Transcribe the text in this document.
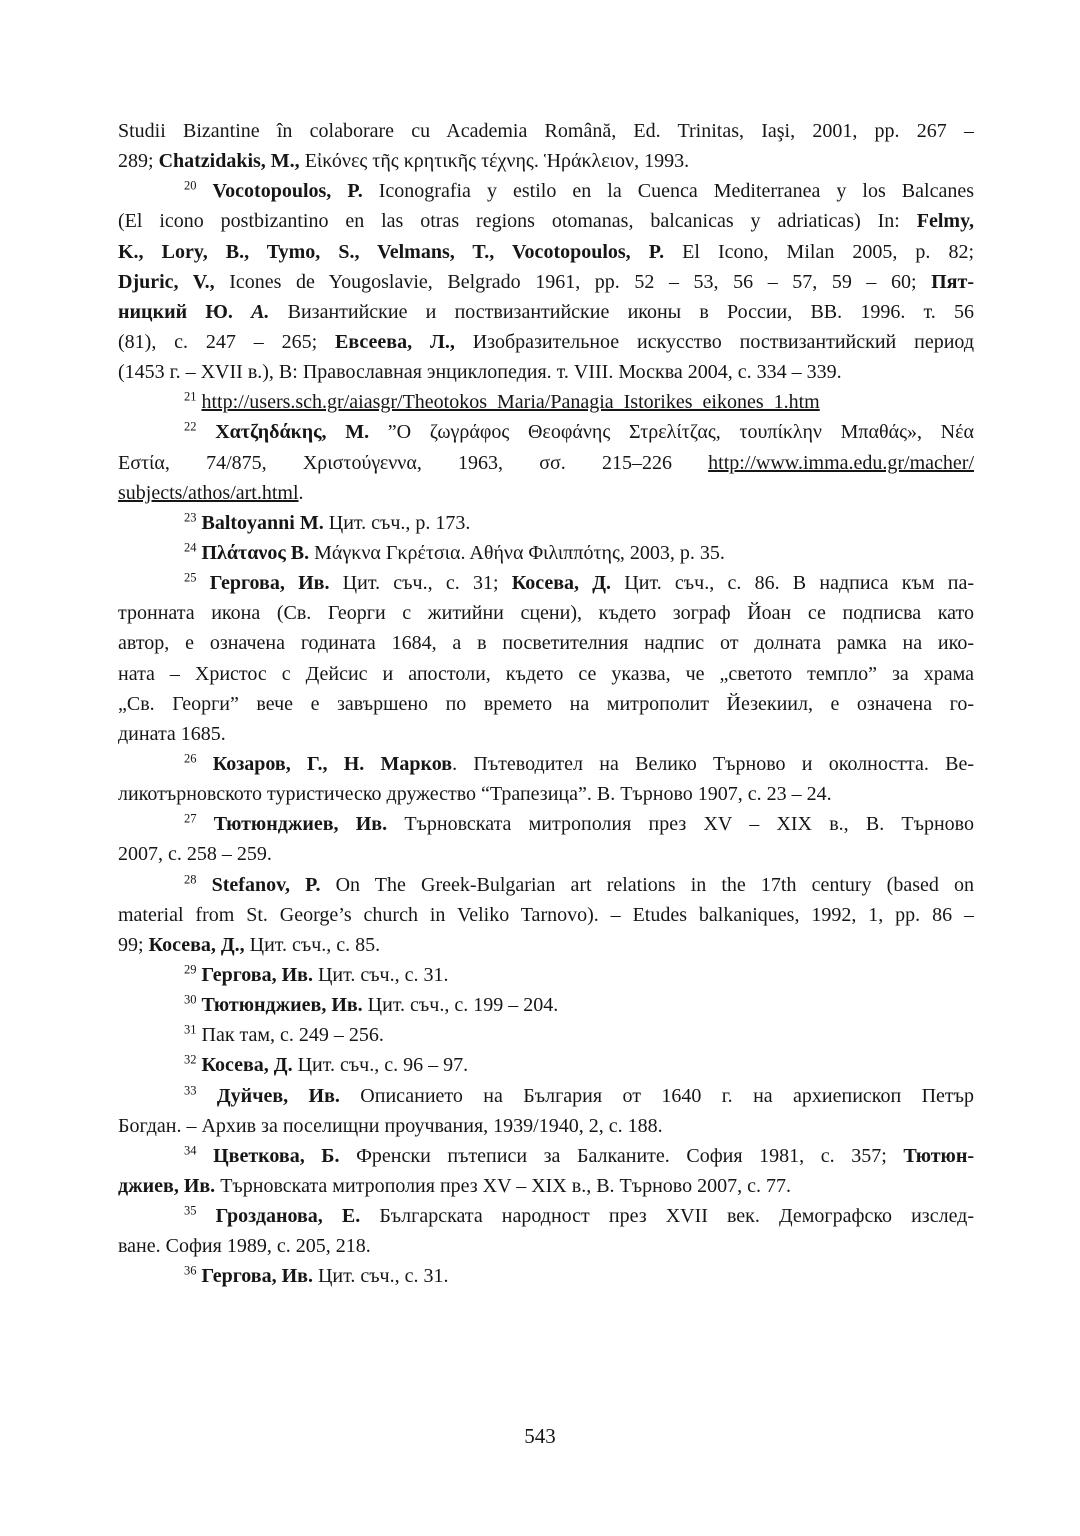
Studii Bizantine în colaborare cu Academia Română, Ed. Trinitas, Iaşi, 2001, pp. 267 –
289; Chatzidakis, M., Εἰκόνες τῆς κρητικῆς τέχνης. Ἡράκλειον, 1993.
$^{20}$ Vocotopoulos, P. Iconografia y estilo en la Cuenca Mediterranea y los Balcanes
(El icono postbizantino en las otras regions otomanas, balcanicas y adriaticas) In: Felmy,
K., Lory, B., Tymo, S., Velmans, T., Vocotopoulos, P. El Icono, Milan 2005, p. 82;
Djuric, V., Icones de Yougoslavie, Belgrado 1961, pp. 52 – 53, 56 – 57, 59 – 60; Пят-
ницкий Ю. А. Византийские и поствизантийские иконы в России, ВВ. 1996. т. 56
(81), с. 247 – 265; Евсеева, Л., Изобразительное искусство поствизантийский период
(1453 г. – XVII в.), В: Православная энциклопедия. т. VIII. Москва 2004, с. 334 – 339.
$^{21}$ http://users.sch.gr/aiasgr/Theotokos_Maria/Panagia_Istorikes_eikones_1.htm
$^{22}$ Χατζηδάκης, Μ. ”Ο ζωγράφος Θεοφάνης Στρελίτζας, τουπίκλην Μπαθάς», Νέα
Εστία, 74/875, Χριστούγεννα, 1963, σσ. 215–226 http://www.imma.edu.gr/macher/
subjects/athos/art.html.
$^{23}$ Baltoyanni M. Цит. съч., p. 173.
$^{24}$ Πλάτανος Β. Μάγκνα Γκρέτσια. Αθήνα Φιλιππότης, 2003, p. 35.
$^{25}$ Гергова, Ив. Цит. съч., с. 31; Косева, Д. Цит. съч., с. 86. В надписа към па-
тронната икона (Св. Георги с житийни сцени), където зограф Йоан се подписва като
автор, е означена годината 1684, а в посветителния надпис от долната рамка на ико-
ната – Христос с Дейсис и апостоли, където се указва, че „светото темпло” за храма
„Св. Георги” вече е завършено по времето на митрополит Йезекиил, е означена го-
дината 1685.
$^{26}$ Козаров, Г., Н. Марков. Пътеводител на Велико Търново и околността. Ве-
ликотърновското туристическо дружество “Трапезица”. В. Търново 1907, с. 23 – 24.
$^{27}$ Тютюнджиев, Ив. Търновската митрополия през XV – XIX в., В. Търново
2007, с. 258 – 259.
$^{28}$ Stefanov, P. On The Greek-Bulgarian art relations in the 17th century (based on
material from St. George’s church in Veliko Tarnovo). – Etudes balkaniques, 1992, 1, pp. 86 –
99; Косева, Д., Цит. съч., с. 85.
$^{29}$ Гергова, Ив. Цит. съч., с. 31.
$^{30}$ Тютюнджиев, Ив. Цит. съч., с. 199 – 204.
$^{31}$ Пак там, с. 249 – 256.
$^{32}$ Косева, Д. Цит. съч., с. 96 – 97.
$^{33}$ Дуйчев, Ив. Описанието на България от 1640 г. на архиепископ Петър
Богдан. – Архив за поселищни проучвания, 1939/1940, 2, с. 188.
$^{34}$ Цветкова, Б. Френски пътеписи за Балканите. София 1981, с. 357; Тютюн-
джиев, Ив. Търновската митрополия през XV – XIX в., В. Търново 2007, с. 77.
$^{35}$ Грозданова, Е. Българската народност през XVII век. Демографско изслед-
ване. София 1989, с. 205, 218.
$^{36}$ Гергова, Ив. Цит. съч., с. 31.
543
